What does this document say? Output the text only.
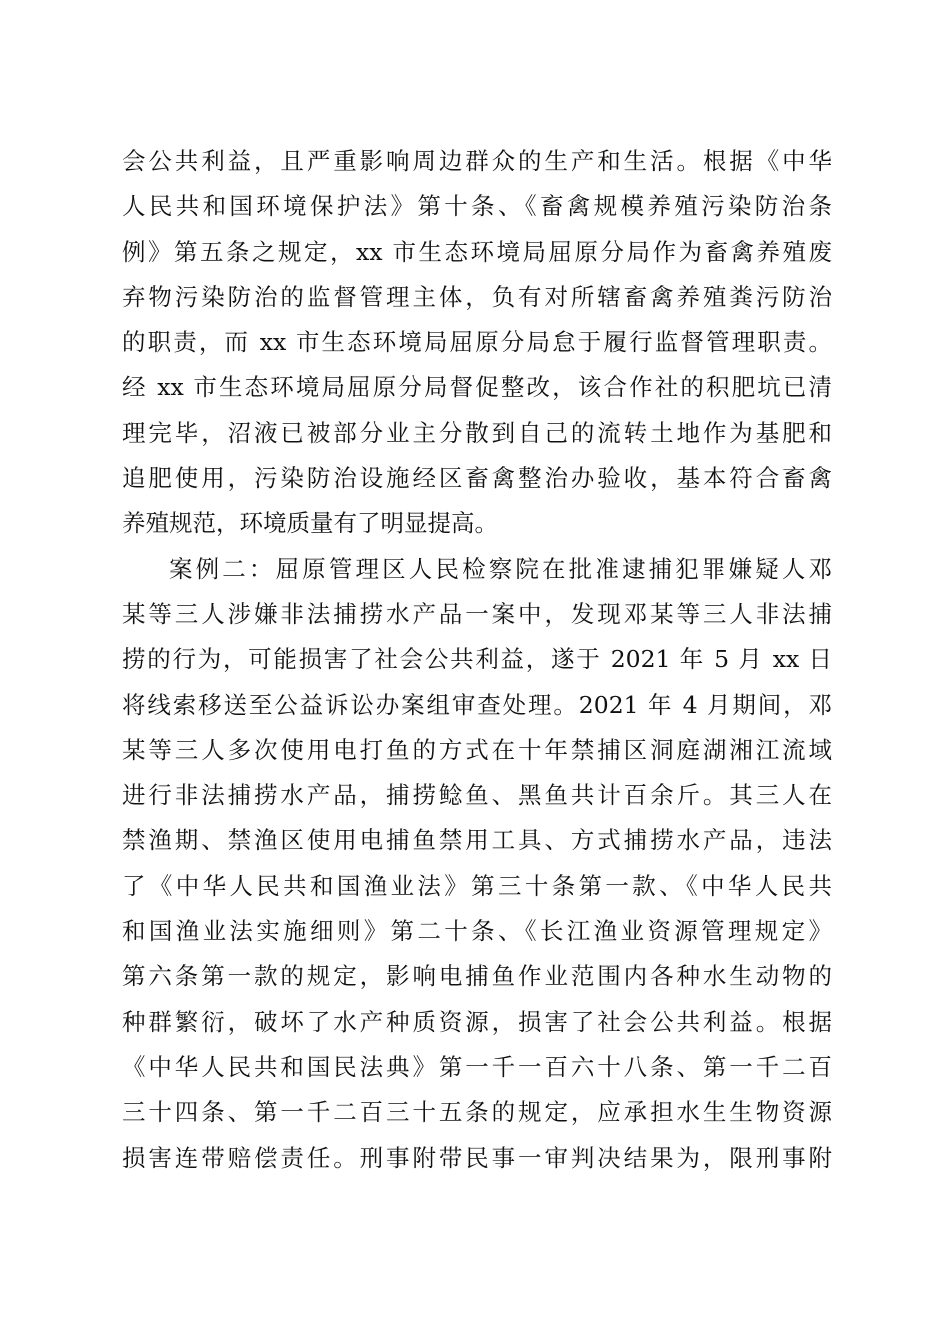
会公共利益，且严重影响周边群众的生产和生活。根据《中华
人民共和国环境保护法》第十条、《畜禽规模养殖污染防治条
例》第五条之规定，xx 市生态环境局屈原分局作为畜禽养殖废
弃物污染防治的监督管理主体，负有对所辖畜禽养殖粪污防治
的职责，而 xx 市生态环境局屈原分局怠于履行监督管理职责。
经 xx 市生态环境局屈原分局督促整改，该合作社的积肥坑已清
理完毕，沼液已被部分业主分散到自己的流转土地作为基肥和
追肥使用，污染防治设施经区畜禽整治办验收，基本符合畜禽
养殖规范，环境质量有了明显提高。
案例二：屈原管理区人民检察院在批准逮捕犯罪嫌疑人邓
某等三人涉嫌非法捕捞水产品一案中，发现邓某等三人非法捕
捞的行为，可能损害了社会公共利益，遂于 2021 年 5 月 xx 日
将线索移送至公益诉讼办案组审查处理。2021 年 4 月期间，邓
某等三人多次使用电打鱼的方式在十年禁捕区洞庭湖湘江流域
进行非法捕捞水产品，捕捞鲶鱼、黑鱼共计百余斤。其三人在
禁渔期、禁渔区使用电捕鱼禁用工具、方式捕捞水产品，违法
了《中华人民共和国渔业法》第三十条第一款、《中华人民共
和国渔业法实施细则》第二十条、《长江渔业资源管理规定》
第六条第一款的规定，影响电捕鱼作业范围内各种水生动物的
种群繁衍，破坏了水产种质资源，损害了社会公共利益。根据
《中华人民共和国民法典》第一千一百六十八条、第一千二百
三十四条、第一千二百三十五条的规定，应承担水生生物资源
损害连带赔偿责任。刑事附带民事一审判决结果为，限刑事附
